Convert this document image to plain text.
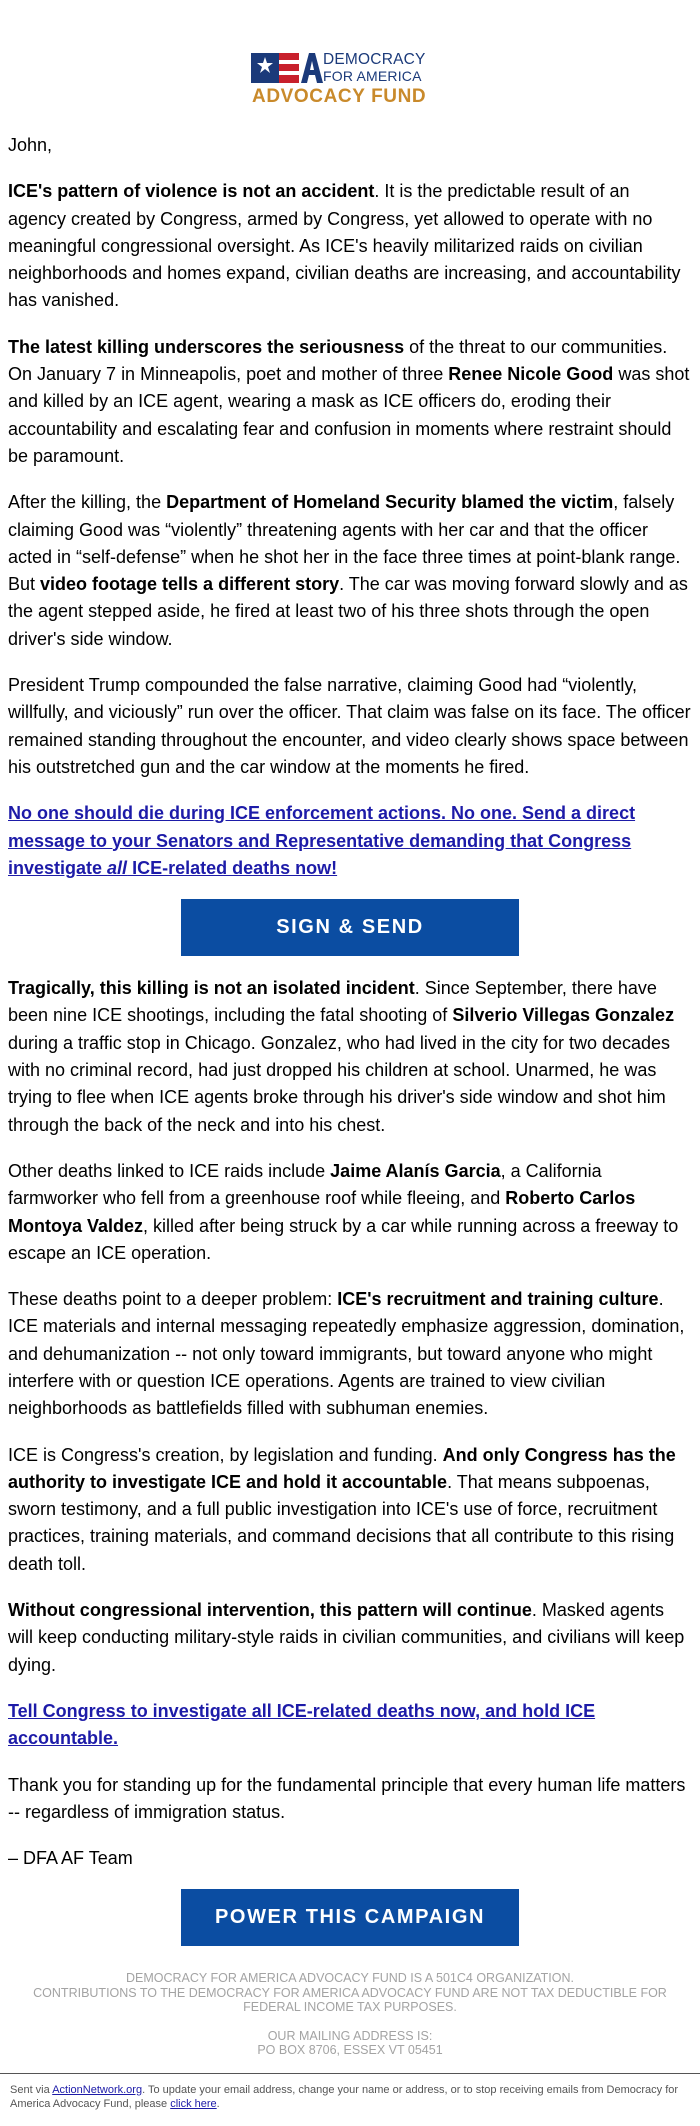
DEMOCRACY
FOR AMERICA
ADVOCACY FUND

John,

ICE's pattern of violence is not an accident. It is the predictable result of an agency created by Congress, armed by Congress, yet allowed to operate with no meaningful congressional oversight. As ICE's heavily militarized raids on civilian neighborhoods and homes expand, civilian deaths are increasing, and accountability has vanished.

The latest killing underscores the seriousness of the threat to our communities. On January 7 in Minneapolis, poet and mother of three Renee Nicole Good was shot and killed by an ICE agent, wearing a mask as ICE officers do, eroding their accountability and escalating fear and confusion in moments where restraint should be paramount.

After the killing, the Department of Homeland Security blamed the victim, falsely claiming Good was “violently” threatening agents with her car and that the officer acted in “self-defense” when he shot her in the face three times at point-blank range. But video footage tells a different story. The car was moving forward slowly and as the agent stepped aside, he fired at least two of his three shots through the open driver's side window.

President Trump compounded the false narrative, claiming Good had “violently, willfully, and viciously” run over the officer. That claim was false on its face. The officer remained standing throughout the encounter, and video clearly shows space between his outstretched gun and the car window at the moments he fired.

No one should die during ICE enforcement actions. No one. Send a direct message to your Senators and Representative demanding that Congress investigate all ICE-related deaths now!

SIGN & SEND

Tragically, this killing is not an isolated incident. Since September, there have been nine ICE shootings, including the fatal shooting of Silverio Villegas Gonzalez during a traffic stop in Chicago. Gonzalez, who had lived in the city for two decades with no criminal record, had just dropped his children at school. Unarmed, he was trying to flee when ICE agents broke through his driver's side window and shot him through the back of the neck and into his chest.

Other deaths linked to ICE raids include Jaime Alanís Garcia, a California farmworker who fell from a greenhouse roof while fleeing, and Roberto Carlos Montoya Valdez, killed after being struck by a car while running across a freeway to escape an ICE operation.

These deaths point to a deeper problem: ICE's recruitment and training culture. ICE materials and internal messaging repeatedly emphasize aggression, domination, and dehumanization -- not only toward immigrants, but toward anyone who might interfere with or question ICE operations. Agents are trained to view civilian neighborhoods as battlefields filled with subhuman enemies.

ICE is Congress's creation, by legislation and funding. And only Congress has the authority to investigate ICE and hold it accountable. That means subpoenas, sworn testimony, and a full public investigation into ICE's use of force, recruitment practices, training materials, and command decisions that all contribute to this rising death toll.

Without congressional intervention, this pattern will continue. Masked agents will keep conducting military-style raids in civilian communities, and civilians will keep dying.

Tell Congress to investigate all ICE-related deaths now, and hold ICE accountable.

Thank you for standing up for the fundamental principle that every human life matters -- regardless of immigration status.

– DFA AF Team

POWER THIS CAMPAIGN
DEMOCRACY FOR AMERICA ADVOCACY FUND IS A 501C4 ORGANIZATION.
CONTRIBUTIONS TO THE DEMOCRACY FOR AMERICA ADVOCACY FUND ARE NOT TAX DEDUCTIBLE FOR FEDERAL INCOME TAX PURPOSES.
OUR MAILING ADDRESS IS:
PO BOX 8706, ESSEX VT 05451
Sent via ActionNetwork.org. To update your email address, change your name or address, or to stop receiving emails from Democracy for America Advocacy Fund, please click here.
